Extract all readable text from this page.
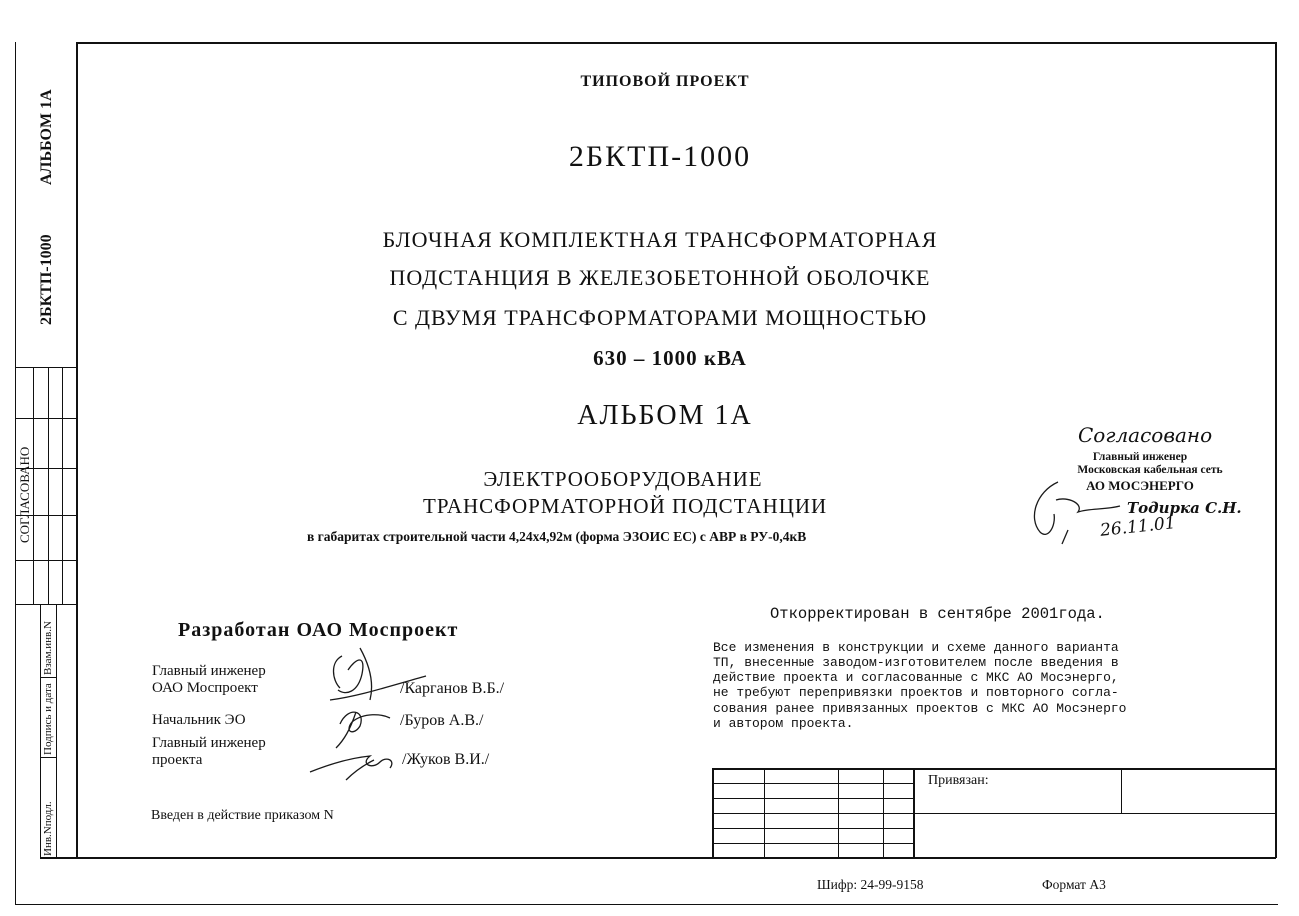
2БКТП-1000
АЛЬБОМ 1А
СОГЛАСОВАНО
Инв.Nподл.
Подпись и дата
Взам.инв.N
ТИПОВОЙ ПРОЕКТ
2БКТП-1000
БЛОЧНАЯ КОМПЛЕКТНАЯ ТРАНСФОРМАТОРНАЯ
ПОДСТАНЦИЯ В ЖЕЛЕЗОБЕТОННОЙ ОБОЛОЧКЕ
С ДВУМЯ ТРАНСФОРМАТОРАМИ МОЩНОСТЬЮ
630 – 1000 кВА
АЛЬБОМ 1А
ЭЛЕКТРООБОРУДОВАНИЕ
ТРАНСФОРМАТОРНОЙ ПОДСТАНЦИИ
в габаритах строительной части 4,24х4,92м (форма ЭЗОИС ЕС) с АВР в РУ-0,4кВ
Согласовано
Главный инженер
Московская кабельная сеть
АО МОСЭНЕРГО
Тодирка С.Н.
26.11.01
Разработан ОАО Моспроект
Главный инженер
ОАО Моспроект	/Карганов В.Б./
Начальник ЭО	/Буров А.В./
Главный инженер
проекта	/Жуков В.И./
Введен в действие приказом N
Откорректирован в сентябре 2001года.
Все изменения в конструкции и схеме данного варианта
ТП, внесенные заводом-изготовителем после введения в
действие проекта и согласованные с МКС АО Мосэнерго,
не требуют перепривязки проектов и повторного согла-
сования ранее привязанных проектов с МКС АО Мосэнерго
и автором проекта.
Привязан:
Шифр: 24-99-9158	Формат А3
